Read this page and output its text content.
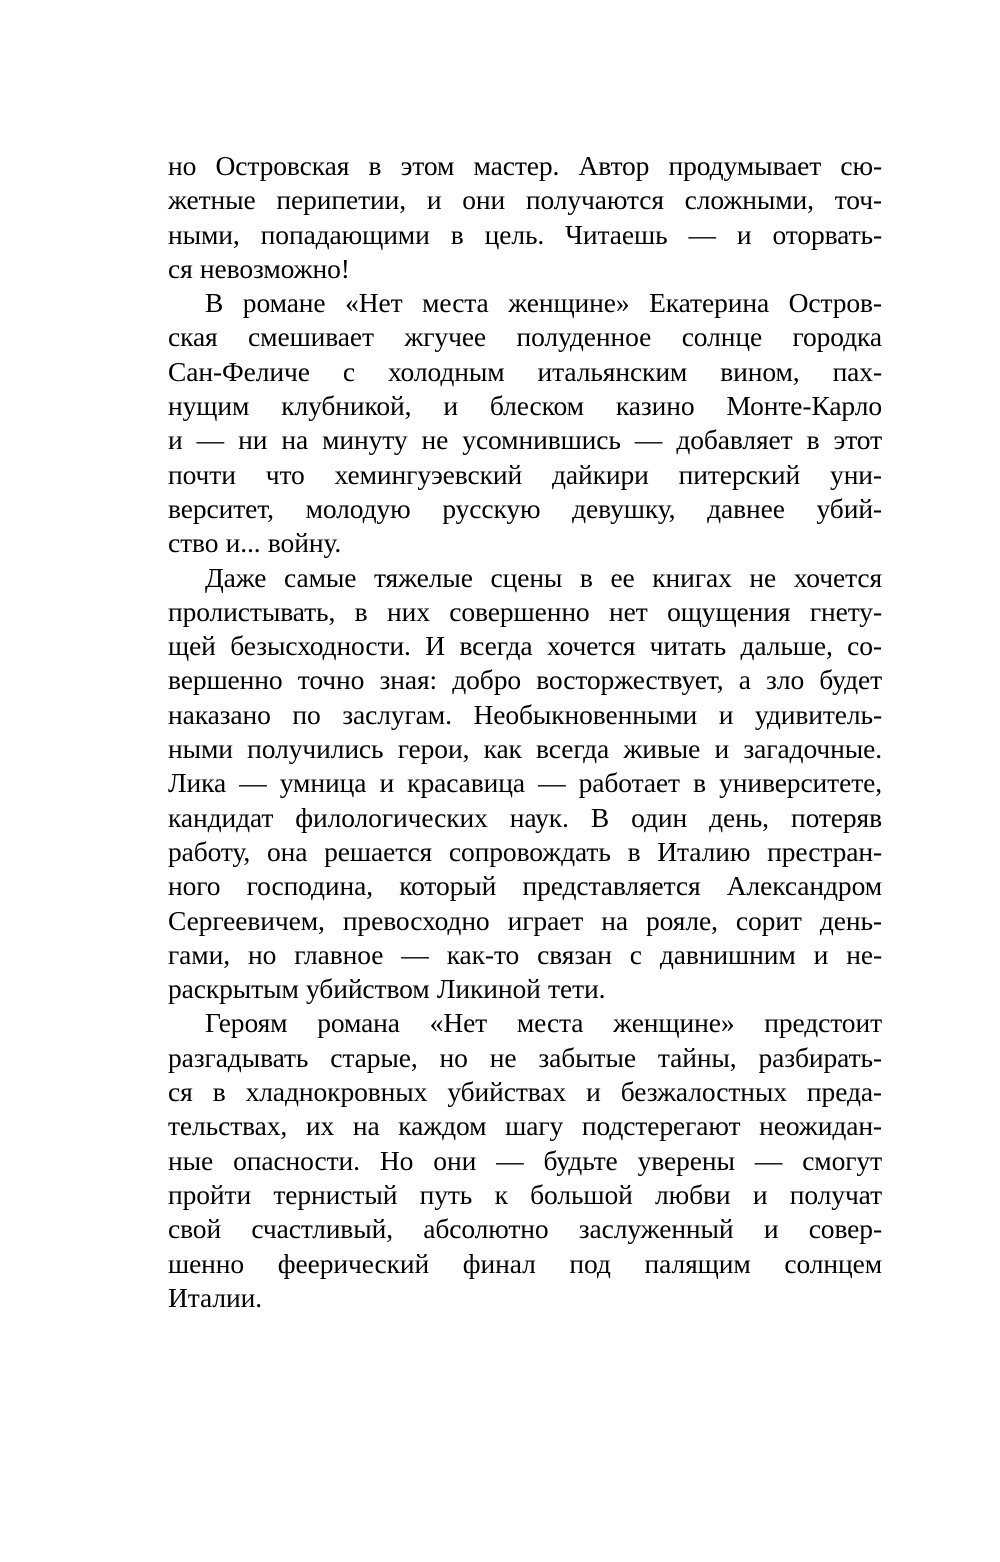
но Островская в этом мастер. Автор продумывает сю-
жетные перипетии, и они получаются сложными, точ-
ными, попадающими в цель. Читаешь — и оторвать-
ся невозможно!
В романе «Нет места женщине» Екатерина Остров-
ская смешивает жгучее полуденное солнце городка
Сан-Феличе с холодным итальянским вином, пах-
нущим клубникой, и блеском казино Монте-Карло
и — ни на минуту не усомнившись — добавляет в этот
почти что хемингуэевский дайкири питерский уни-
верситет, молодую русскую девушку, давнее убий-
ство и... войну.
Даже самые тяжелые сцены в ее книгах не хочется
пролистывать, в них совершенно нет ощущения гнету-
щей безысходности. И всегда хочется читать дальше, со-
вершенно точно зная: добро восторжествует, а зло будет
наказано по заслугам. Необыкновенными и удивитель-
ными получились герои, как всегда живые и загадочные.
Лика — умница и красавица — работает в университете,
кандидат филологических наук. В один день, потеряв
работу, она решается сопровождать в Италию престран-
ного господина, который представляется Александром
Сергеевичем, превосходно играет на рояле, сорит день-
гами, но главное — как-то связан с давнишним и не-
раскрытым убийством Ликиной тети.
Героям романа «Нет места женщине» предстоит
разгадывать старые, но не забытые тайны, разбирать-
ся в хладнокровных убийствах и безжалостных преда-
тельствах, их на каждом шагу подстерегают неожидан-
ные опасности. Но они — будьте уверены — смогут
пройти тернистый путь к большой любви и получат
свой счастливый, абсолютно заслуженный и совер-
шенно феерический финал под палящим солнцем
Италии.
